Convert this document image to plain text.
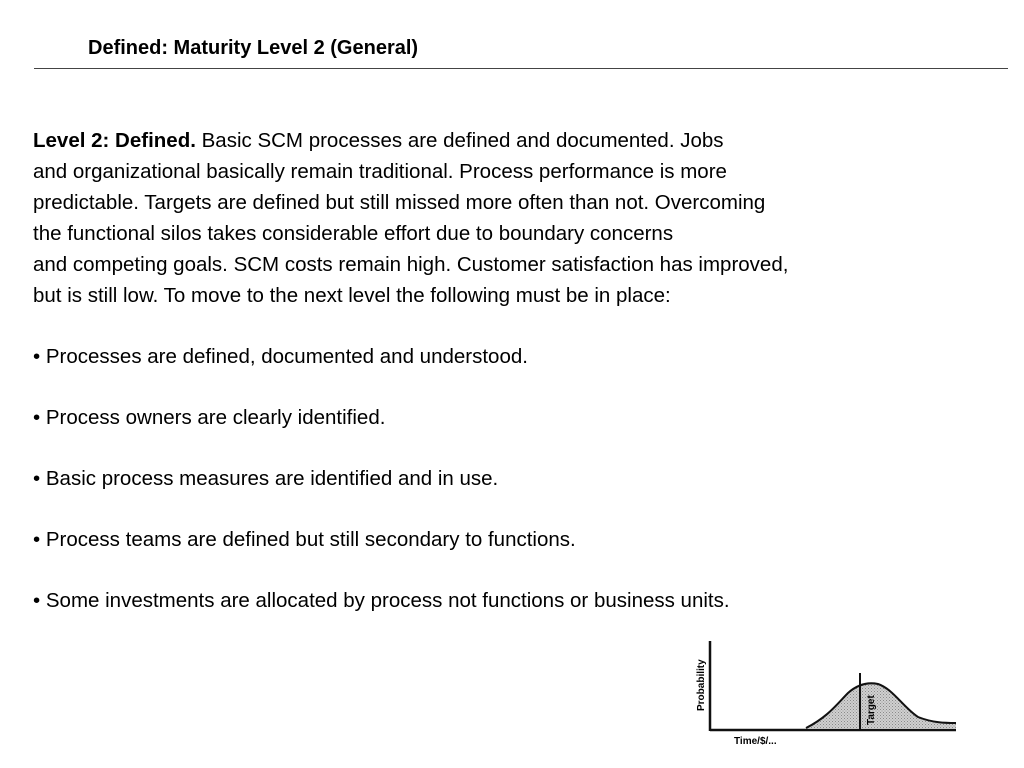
Defined: Maturity Level 2 (General)

Level 2: Defined. Basic SCM processes are defined and documented. Jobs
and organizational basically remain traditional. Process performance is more
predictable. Targets are defined but still missed more often than not. Overcoming
the functional silos takes considerable effort due to boundary concerns
and competing goals. SCM costs remain high. Customer satisfaction has improved,
but is still low. To move to the next level the following must be in place:

• Processes are defined, documented and understood.
• Process owners are clearly identified.
• Basic process measures are identified and in use.
• Process teams are defined but still secondary to functions.
• Some investments are allocated by process not functions or business units.
Probability	Target
Time/$/...
